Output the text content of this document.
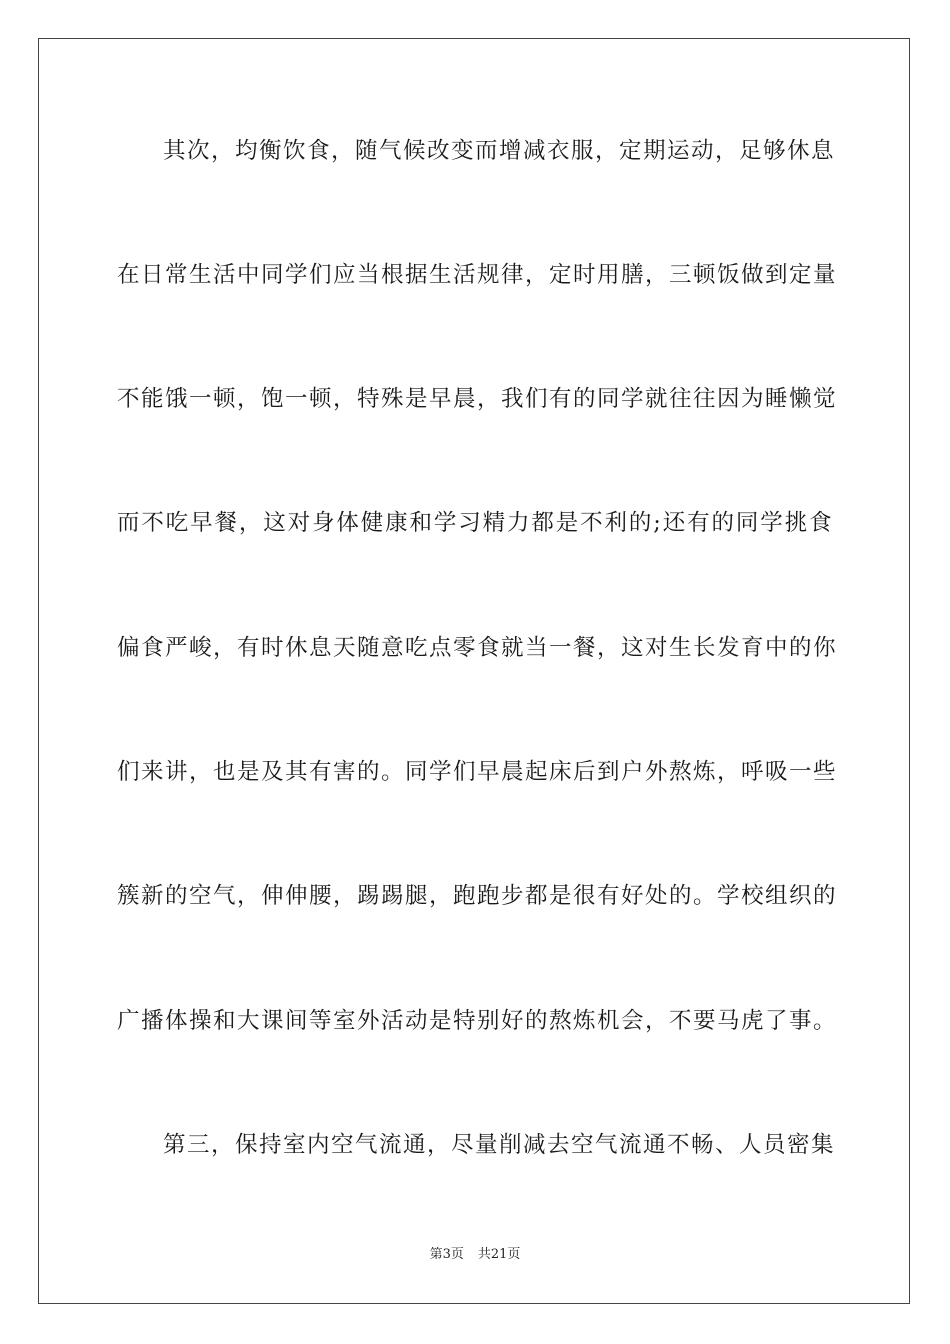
其次，均衡饮食，随气候改变而增减衣服，定期运动，足够休息
在日常生活中同学们应当根据生活规律，定时用膳，三顿饭做到定量
不能饿一顿，饱一顿，特殊是早晨，我们有的同学就往往因为睡懒觉
而不吃早餐，这对身体健康和学习精力都是不利的;还有的同学挑食
偏食严峻，有时休息天随意吃点零食就当一餐，这对生长发育中的你
们来讲，也是及其有害的。同学们早晨起床后到户外熬炼，呼吸一些
簇新的空气，伸伸腰，踢踢腿，跑跑步都是很有好处的。学校组织的
广播体操和大课间等室外活动是特别好的熬炼机会，不要马虎了事。
第三，保持室内空气流通，尽量削减去空气流通不畅、人员密集
第3页 共21页
